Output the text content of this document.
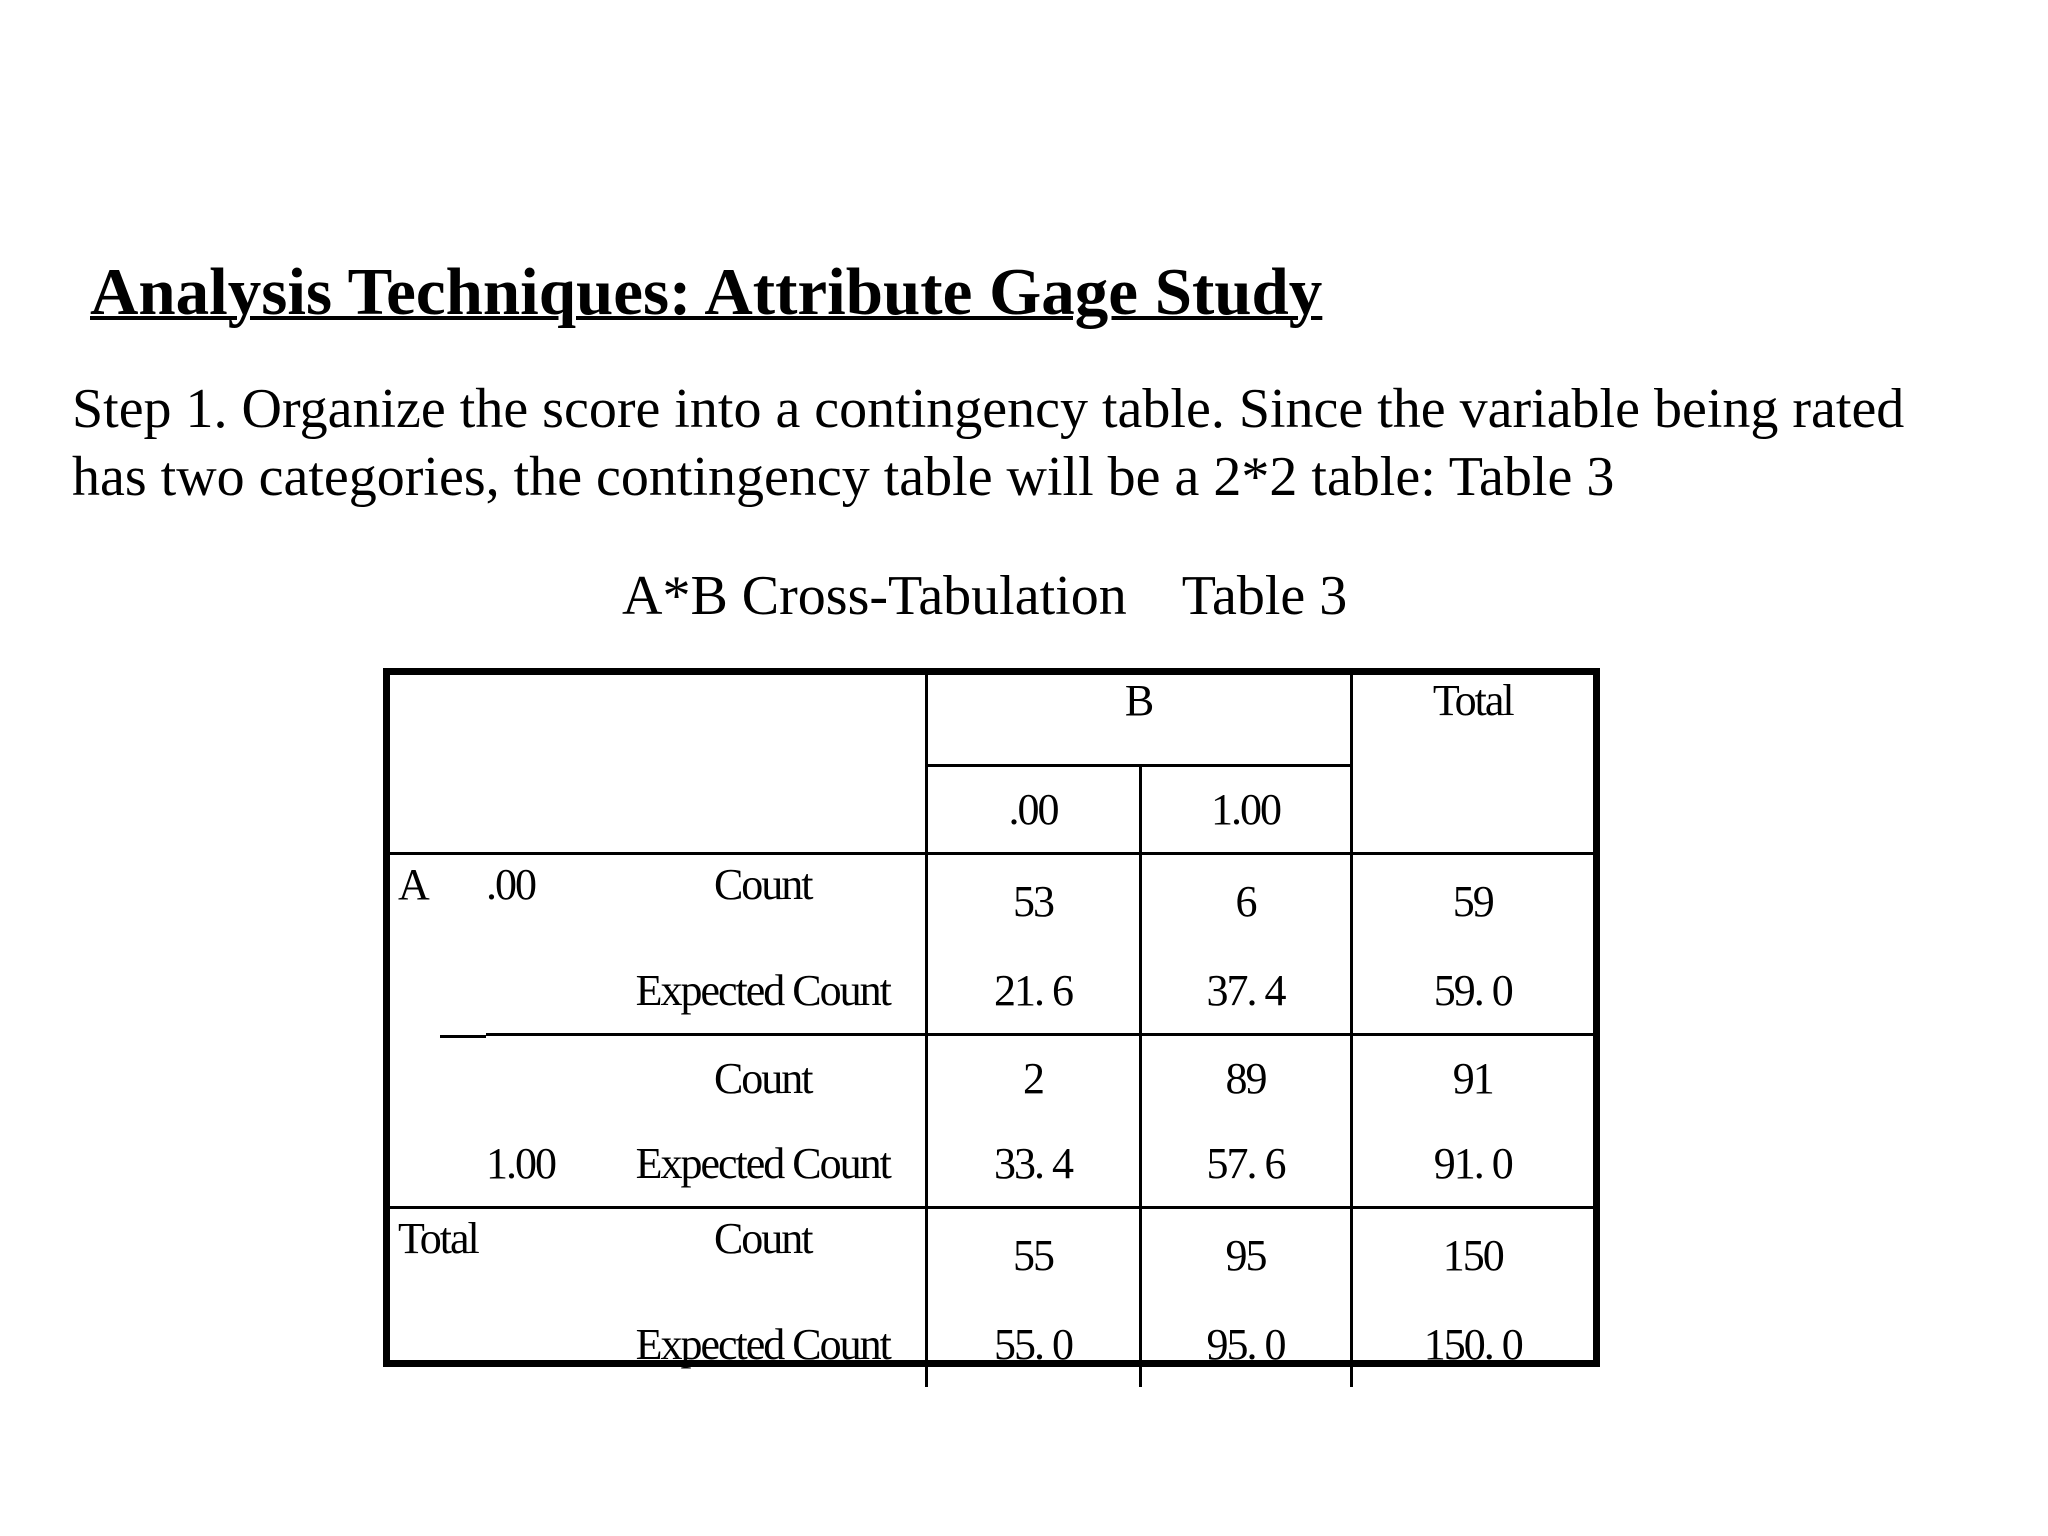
Analysis Techniques: Attribute Gage Study

Step 1. Organize the score into a contingency table. Since the variable being rated has two categories, the contingency table will be a 2*2 table: Table 3

A*B Cross-Tabulation    Table 3
			B		Total
			.00	1.00	
A	.00	Count	53	6	59
		Expected Count	21. 6	37. 4	59. 0
		Count	2	89	91
	1.00	Expected Count	33. 4	57. 6	91. 0
Total		Count	55	95	150
		Expected Count	55. 0	95. 0	150. 0
